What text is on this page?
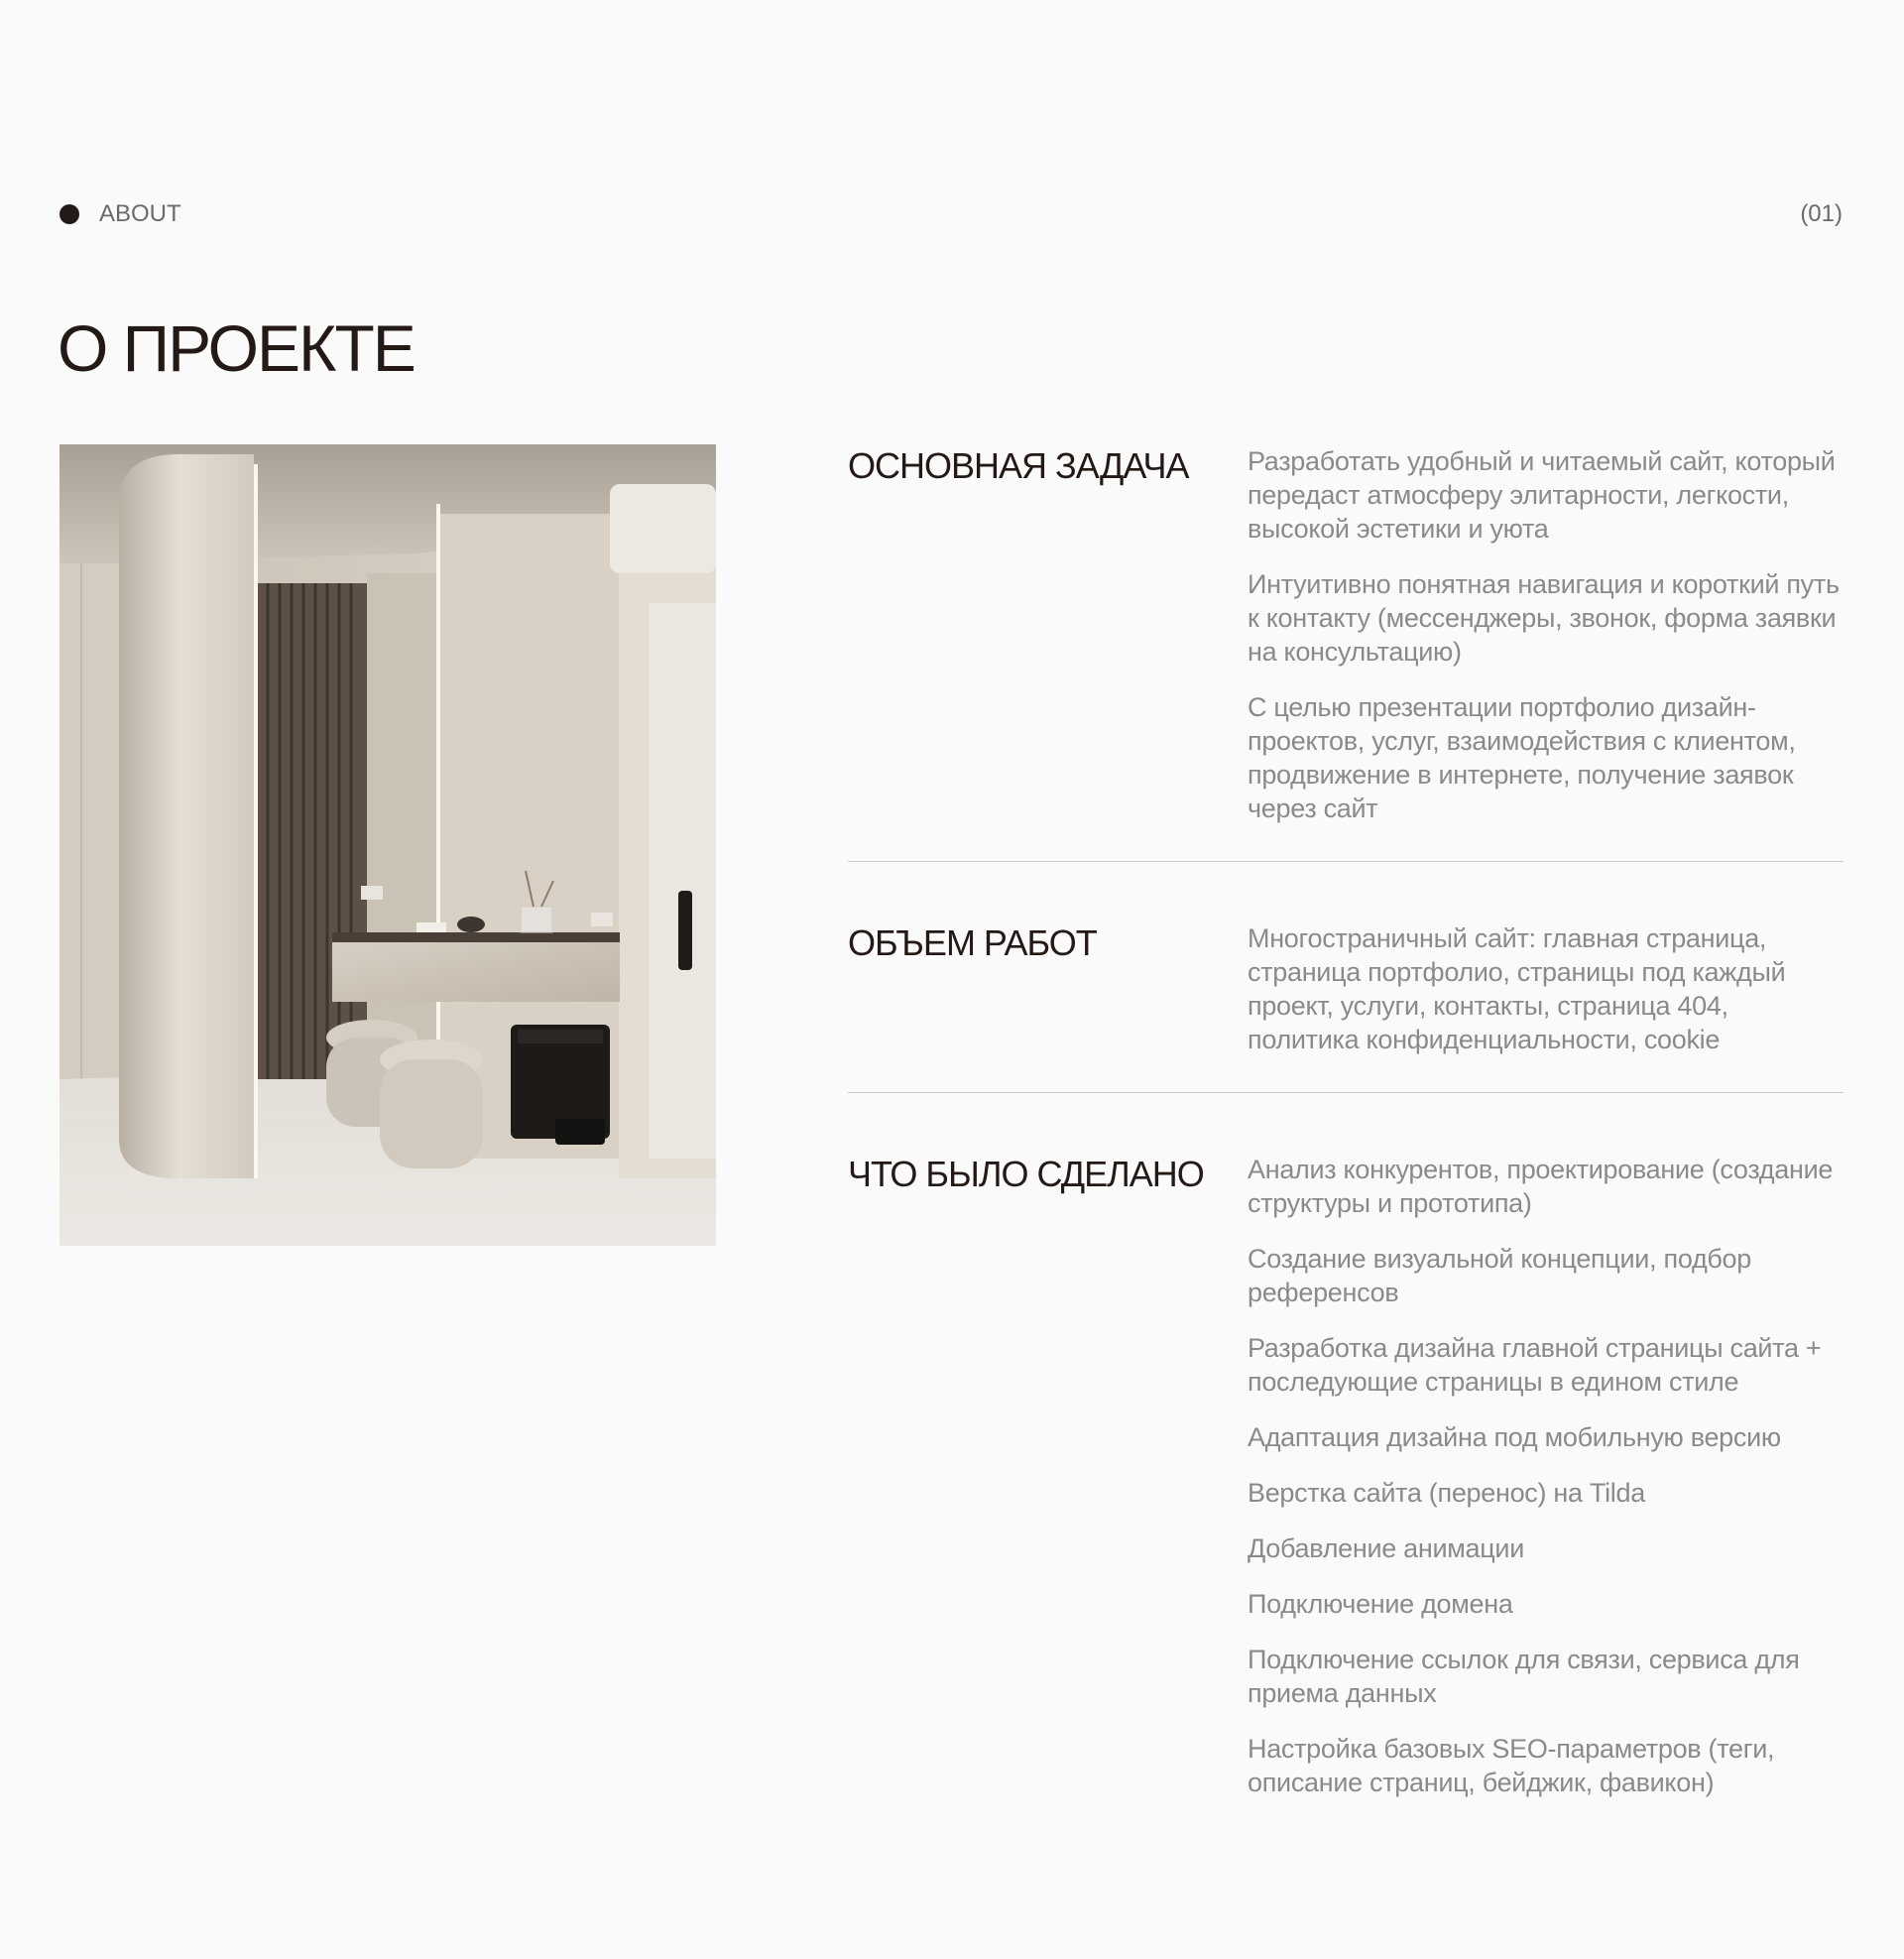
ABOUT	(01)
О ПРОЕКТЕ
ОСНОВНАЯ ЗАДАЧА	Разработать удобный и читаемый сайт, который передаст атмосферу элитарности, легкости, высокой эстетики и уюта

Интуитивно понятная навигация и короткий путь к контакту (мессенджеры, звонок, форма заявки на консультацию)

С целью презентации портфолио дизайн-проектов, услуг, взаимодействия с клиентом, продвижение в интернете, получение заявок через сайт

ОБЪЕМ РАБОТ	Многостраничный сайт: главная страница, страница портфолио, страницы под каждый проект, услуги, контакты, страница 404, политика конфиденциальности, cookie

ЧТО БЫЛО СДЕЛАНО	Анализ конкурентов, проектирование (создание структуры и прототипа)

Создание визуальной концепции, подбор референсов

Разработка дизайна главной страницы сайта + последующие страницы в едином стиле

Адаптация дизайна под мобильную версию

Верстка сайта (перенос) на Tilda

Добавление анимации

Подключение домена

Подключение ссылок для связи, сервиса для приема данных

Настройка базовых SEO-параметров (теги, описание страниц, бейджик, фавикон)
